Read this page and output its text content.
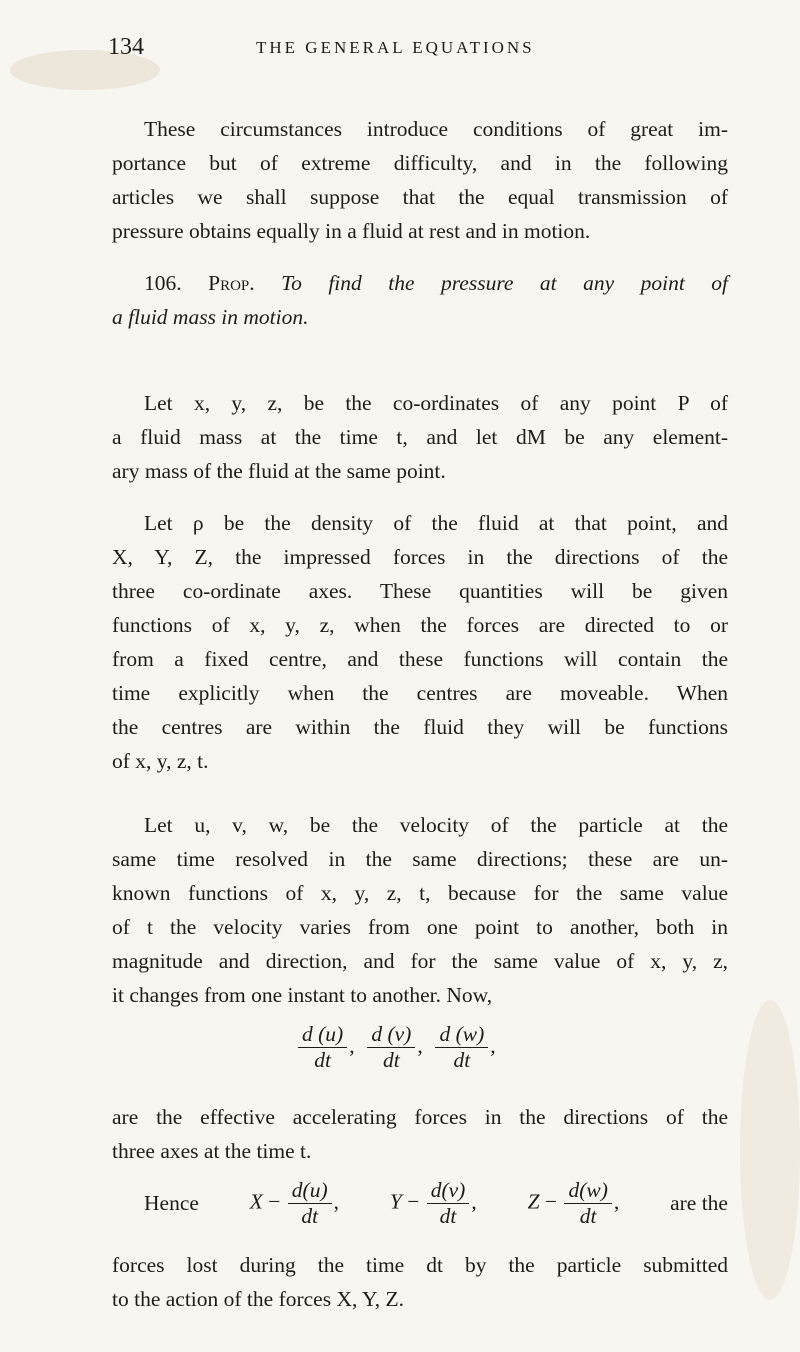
134	THE GENERAL EQUATIONS
These circumstances introduce conditions of great im-
portance but of extreme difficulty, and in the following
articles we shall suppose that the equal transmission of
pressure obtains equally in a fluid at rest and in motion.
106. Prop. To find the pressure at any point of
a fluid mass in motion.
Let x, y, z, be the co-ordinates of any point P of
a fluid mass at the time t, and let dM be any element-
ary mass of the fluid at the same point.
Let ρ be the density of the fluid at that point, and
X, Y, Z, the impressed forces in the directions of the
three co-ordinate axes. These quantities will be given
functions of x, y, z, when the forces are directed to or
from a fixed centre, and these functions will contain the
time explicitly when the centres are moveable. When
the centres are within the fluid they will be functions
of x, y, z, t.
Let u, v, w, be the velocity of the particle at the
same time resolved in the same directions; these are un-
known functions of x, y, z, t, because for the same value
of t the velocity varies from one point to another, both in
magnitude and direction, and for the same value of x, y, z,
it changes from one instant to another. Now,
$\frac{d (u)}{dt}$ , $\frac{d (v)}{dt}$ , $\frac{d (w)}{dt}$ ,
are the effective accelerating forces in the directions of the
three axes at the time t.
Hence $X - \frac{d(u)}{dt}$ , $Y - \frac{d(v)}{dt}$ , $Z - \frac{d(w)}{dt}$ , are the
forces lost during the time dt by the particle submitted
to the action of the forces X, Y, Z.
